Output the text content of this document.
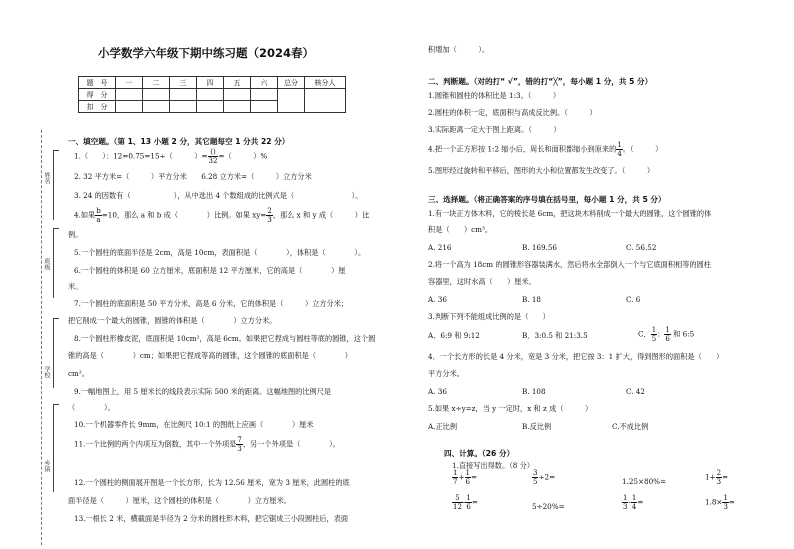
姓名
班级
学校
乡镇
小学数学六年级下期中练习题（2024春）
题　号	一	二	三	四	五	六	总分	核分人
得　分								
扣　分								
一、填空题。（第 1、13 小题 2 分，其它题每空 1 分共 22 分）
1.（　　）：12=0.75=15÷（　　　）= $\frac{()}{32}$ =（　　　）%
2. 32 平方米=（　　　）平方分米　　6.28 立方米=（　　　）立方分米
3. 24 的因数有（　　　　　　），从中选出 4 个数组成的比例式是（　　　　　　　　）。
4.如果 $\frac{b}{a} =10$，那么 a 和 b 成（　　　　）比例。如果 $xy= \frac{2}{3}$ ，那么 x 和 y 成（　　　）比
例。
5.一个圆柱的底面半径是 2cm，高是 10cm，表面积是（　　　　），体积是（　　　　）。
6.一个圆柱的体积是 60 立方厘米，底面积是 12 平方厘米，它的高是（　　　　）厘
米。
7.一个圆柱的底面积是 50 平方分米，高是 6 分米，它的体积是（　　　）立方分米；
把它削成一个最大的圆锥，圆锥的体积是（　　　　）立方分米。
8.一个圆柱形橡皮泥，底面积是 10cm²，高是 6cm。如果把它捏成与圆柱等底的圆锥，这个圆
锥的高是（　　　　）cm；如果把它捏成等高的圆锥，这个圆锥的底面积是（　　　　）
cm²。
9.一幅地图上，用 5 厘米长的线段表示实际 500 米的距离。这幅地图的比例尺是
（　　　　）。
10.一个机器零件长 9mm，在比例尺 10:1 的图纸上应画（　　　　）厘米
11.一个比例的两个内项互为倒数，其中一个外项是 $\frac{7}{3}$ ，另一个外项是（　　　　）。
12.一个圆柱的侧面展开图是一个长方形，长为 12.56 厘米，宽为 3 厘米，此圆柱的底
面半径是（　　　）厘米，这个圆柱的体积是（　　　　）立方厘米。
13.一根长 2 米，横截面是半径为 2 分米的圆柱形木料，把它锯成三小段圆柱后，表面
积增加（　　　）。
二、判断题。（对的打“ √”，错的打“╳”，每小题 1 分，共 5 分）
1.圆锥和圆柱的体积比是 1:3。（　　　）
2.圆柱的体积一定，底面积与高成反比例。（　　　）
3.实际距离一定大于图上距离。（　　　）
4.把一个正方形按 1:2 缩小后，周长和面积都缩小到原来的 $\frac{1}{4}$ 。（　　　）
5.图形经过旋转和平移后，图形的大小和位置都发生改变了。（　　　）
三、选择题。（将正确答案的序号填在括号里，每小题 1 分，共 5 分）
1.有一块正方体木料，它的棱长是 6cm，把这块木料削成一个最大的圆锥，这个圆锥的体
积是（　　）cm³。
A. 216	B. 169.56	C. 56.52
2.将一个高为 18cm 的圆锥形容器装满水，然后将水全部倒入一个与它底面积相等的圆柱
容器里，这时水高（　　）厘米。
A. 36	B. 18	C. 6
3.判断下列不能组成比例的是（　　）
A．6:9 和 9:12	B．3:0.5 和 21:3.5	C． $\frac{1}{5}$ ： $\frac{1}{6}$ 和 6:5
4．一个长方形的长是 4 分米，宽是 3 分米，把它按 3：1 扩大，得到图形的面积是（　　）
平方分米。
A. 36	B. 108	C. 42
5.如果 x÷y=z，当 y 一定时，x 和 z 成（　　　）
A.正比例	B.反比例	C.不成比例
四、计算。（26 分）
1.直接写出得数。（8 分）
$\frac{1}{7} + \frac{1}{6}$ =	$\frac{3}{5} \div 2=$	1.25×80%=	$1+ \frac{2}{3}$ =
$\frac{5}{12} - \frac{1}{6}$ =	5÷20%=	$\frac{1}{3} - \frac{1}{4}$ =	$1.8\times \frac{1}{3}$ =
